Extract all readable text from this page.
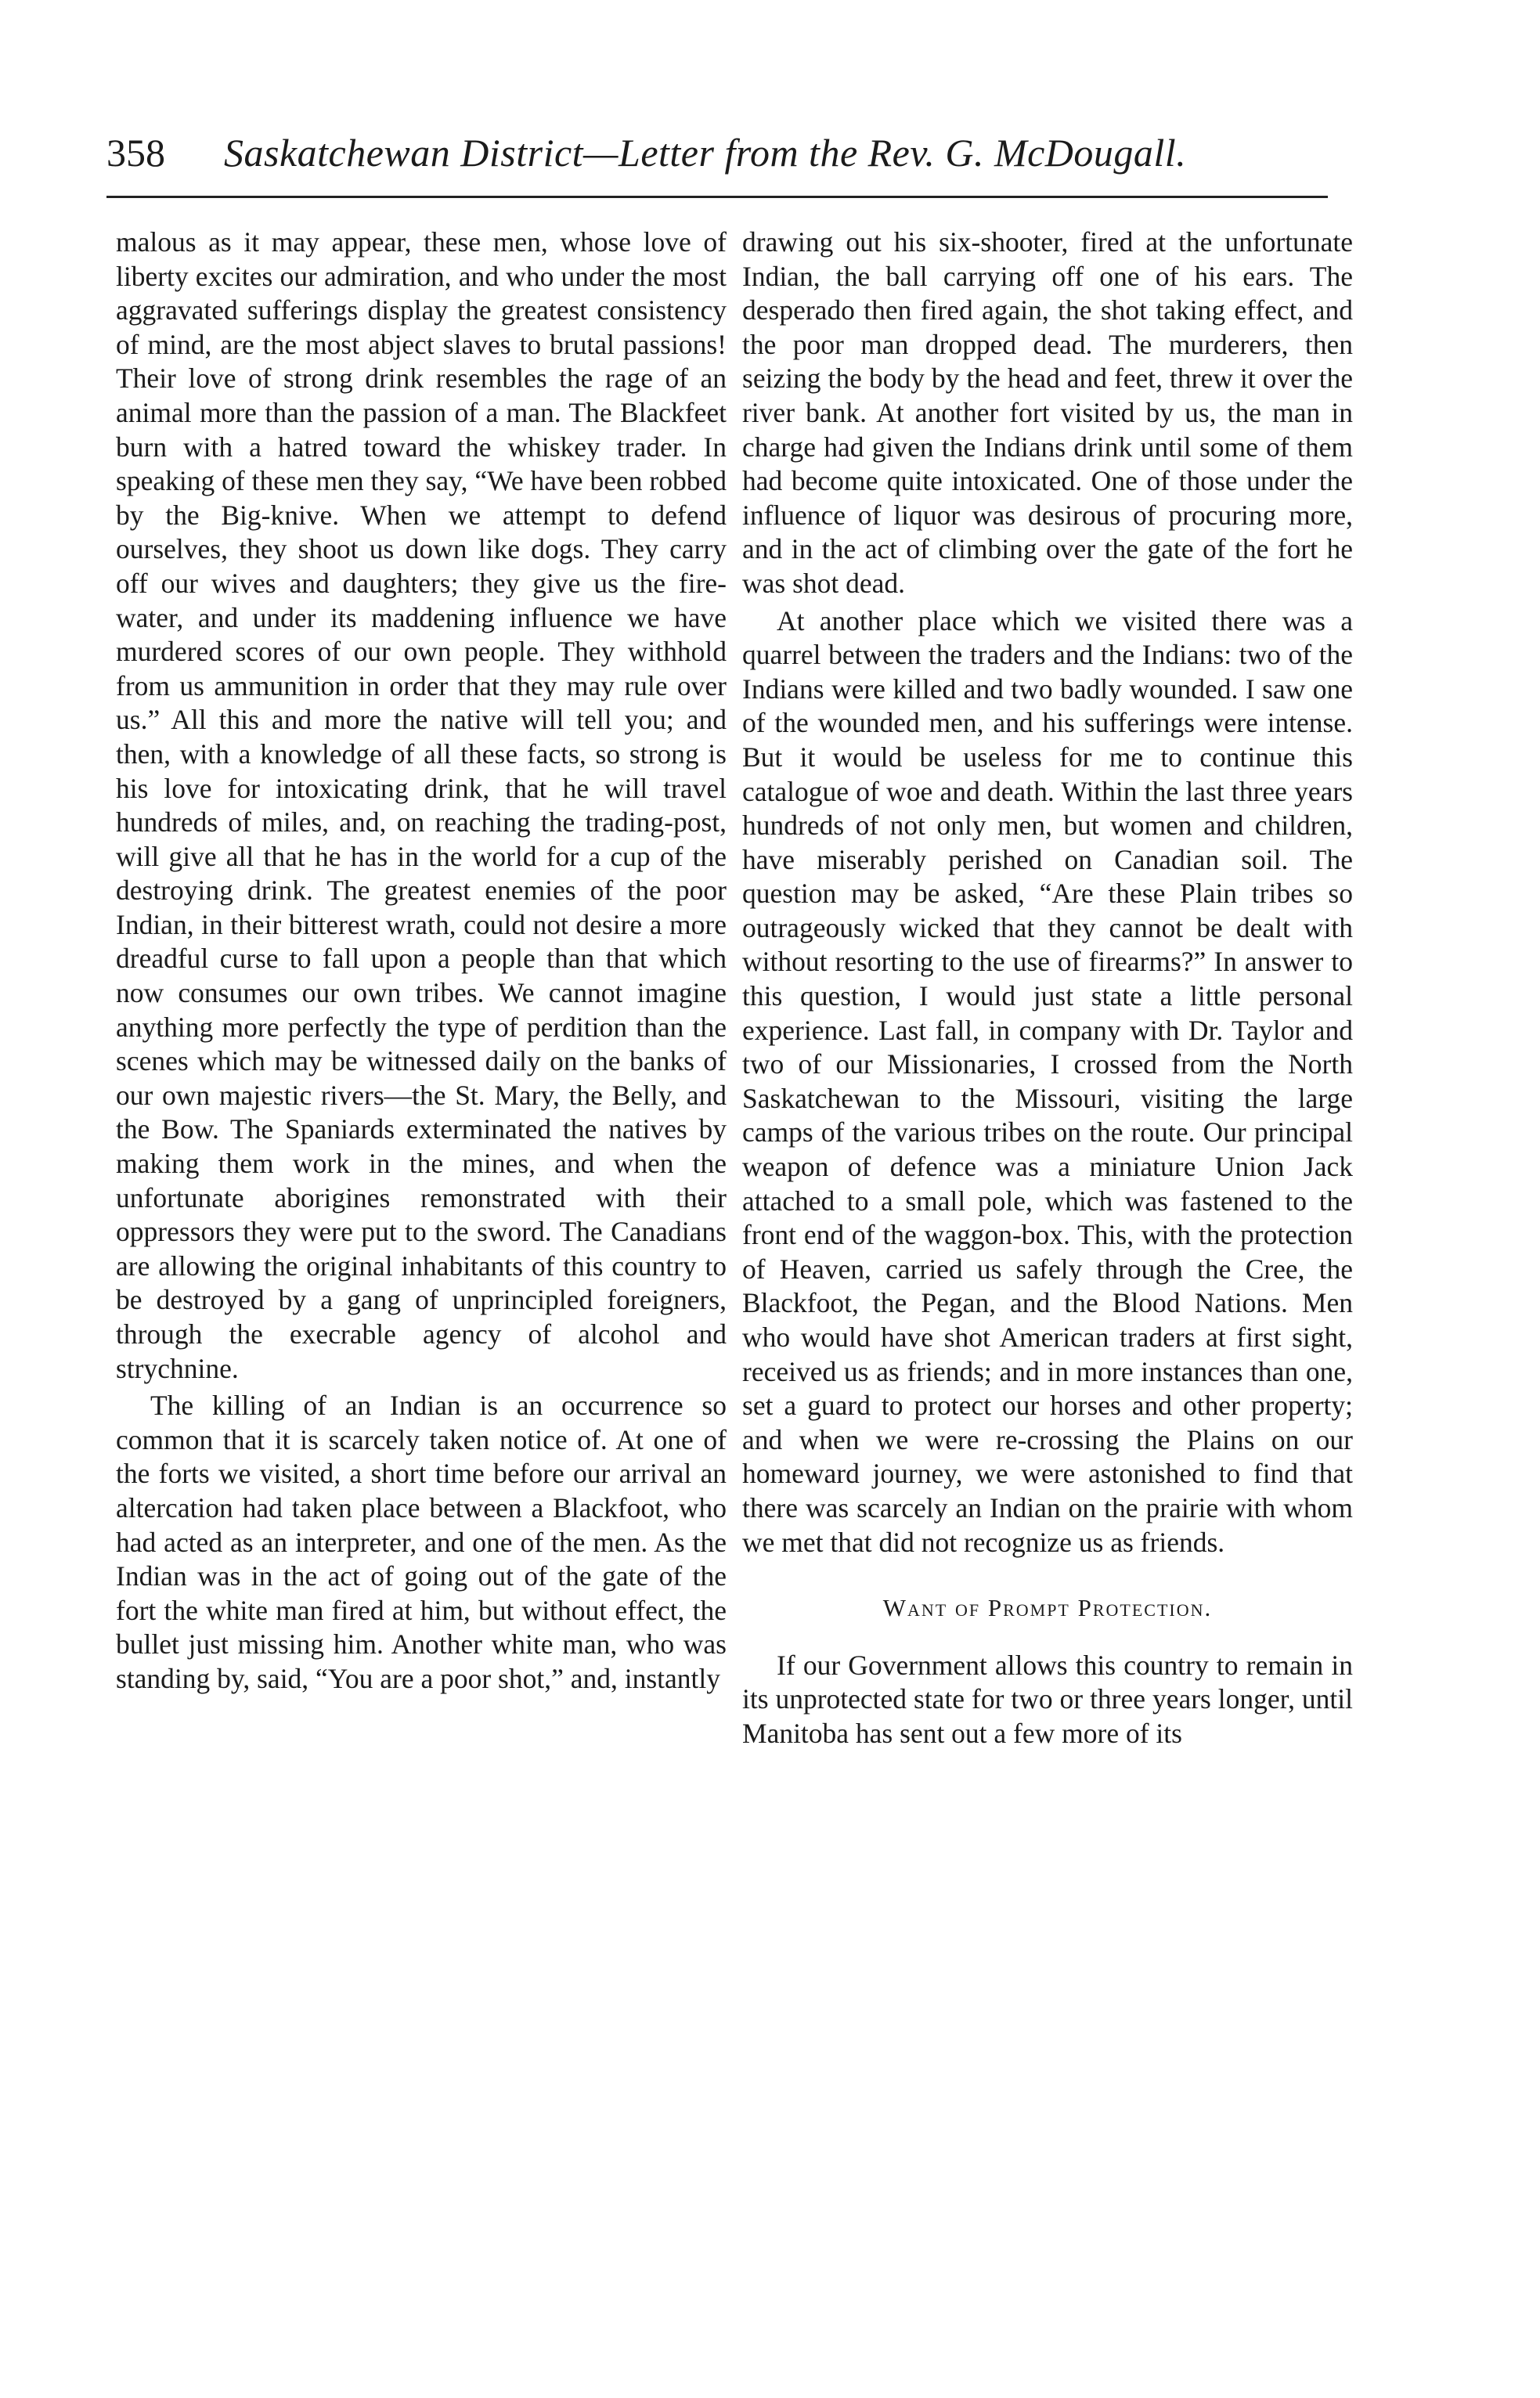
358 Saskatchewan District—Letter from the Rev. G. McDougall.

malous as it may appear, these men, whose love of liberty excites our admiration, and who under the most aggravated sufferings display the greatest consistency of mind, are the most abject slaves to brutal passions! Their love of strong drink resembles the rage of an animal more than the passion of a man. The Blackfeet burn with a hatred toward the whiskey trader. In speaking of these men they say, “We have been robbed by the Big-knive. When we attempt to defend ourselves, they shoot us down like dogs. They carry off our wives and daughters; they give us the fire-water, and under its maddening influence we have murdered scores of our own people. They withhold from us ammunition in order that they may rule over us.” All this and more the native will tell you; and then, with a knowledge of all these facts, so strong is his love for intoxicating drink, that he will travel hundreds of miles, and, on reaching the trading-post, will give all that he has in the world for a cup of the destroying drink. The greatest enemies of the poor Indian, in their bitterest wrath, could not desire a more dreadful curse to fall upon a people than that which now consumes our own tribes. We cannot imagine anything more perfectly the type of perdition than the scenes which may be witnessed daily on the banks of our own majestic rivers—the St. Mary, the Belly, and the Bow. The Spaniards exterminated the natives by making them work in the mines, and when the unfortunate aborigines remonstrated with their oppressors they were put to the sword. The Canadians are allowing the original inhabitants of this country to be destroyed by a gang of unprincipled foreigners, through the execrable agency of alcohol and strychnine.

The killing of an Indian is an occurrence so common that it is scarcely taken notice of. At one of the forts we visited, a short time before our arrival an altercation had taken place between a Blackfoot, who had acted as an interpreter, and one of the men. As the Indian was in the act of going out of the gate of the fort the white man fired at him, but without effect, the bullet just missing him. Another white man, who was standing by, said, “You are a poor shot,” and, instantly

drawing out his six-shooter, fired at the unfortunate Indian, the ball carrying off one of his ears. The desperado then fired again, the shot taking effect, and the poor man dropped dead. The murderers, then seizing the body by the head and feet, threw it over the river bank. At another fort visited by us, the man in charge had given the Indians drink until some of them had become quite intoxicated. One of those under the influence of liquor was desirous of procuring more, and in the act of climbing over the gate of the fort he was shot dead.

At another place which we visited there was a quarrel between the traders and the Indians: two of the Indians were killed and two badly wounded. I saw one of the wounded men, and his sufferings were intense. But it would be useless for me to continue this catalogue of woe and death. Within the last three years hundreds of not only men, but women and children, have miserably perished on Canadian soil. The question may be asked, “Are these Plain tribes so outrageously wicked that they cannot be dealt with without resorting to the use of firearms?” In answer to this question, I would just state a little personal experience. Last fall, in company with Dr. Taylor and two of our Missionaries, I crossed from the North Saskatchewan to the Missouri, visiting the large camps of the various tribes on the route. Our principal weapon of defence was a miniature Union Jack attached to a small pole, which was fastened to the front end of the waggon-box. This, with the protection of Heaven, carried us safely through the Cree, the Blackfoot, the Pegan, and the Blood Nations. Men who would have shot American traders at first sight, received us as friends; and in more instances than one, set a guard to protect our horses and other property; and when we were re-crossing the Plains on our homeward journey, we were astonished to find that there was scarcely an Indian on the prairie with whom we met that did not recognize us as friends.

Want of Prompt Protection.

If our Government allows this country to remain in its unprotected state for two or three years longer, until Manitoba has sent out a few more of its
